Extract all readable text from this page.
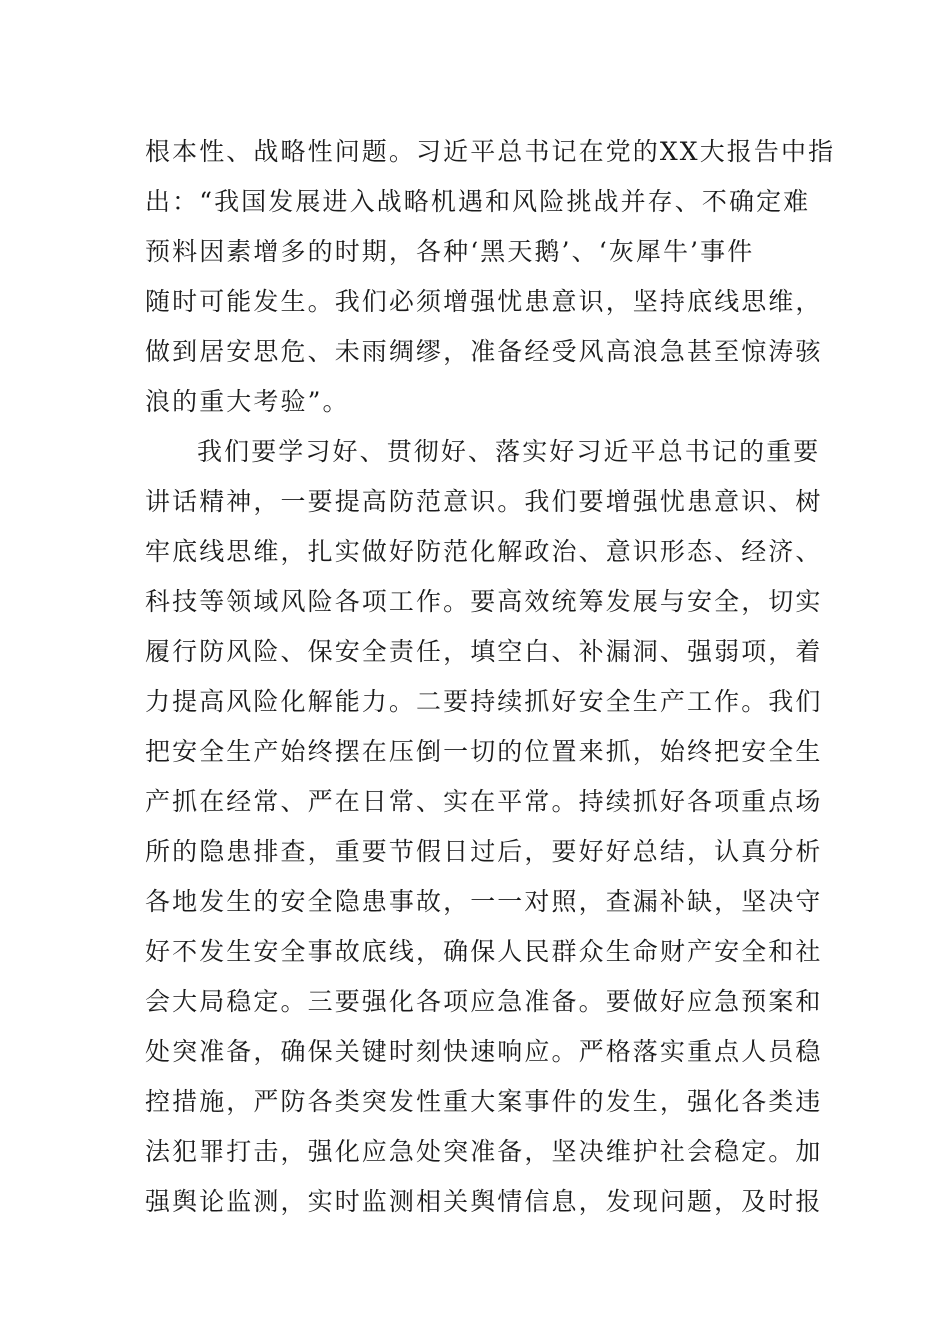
根本性、战略性问题。习近平总书记在党的XX大报告中指
出：“我国发展进入战略机遇和风险挑战并存、不确定难
预料因素增多的时期，各种‘黑天鹅’、‘灰犀牛’事件
随时可能发生。我们必须增强忧患意识，坚持底线思维，
做到居安思危、未雨绸缪，准备经受风高浪急甚至惊涛骇
浪的重大考验”。
我们要学习好、贯彻好、落实好习近平总书记的重要
讲话精神，一要提高防范意识。我们要增强忧患意识、树
牢底线思维，扎实做好防范化解政治、意识形态、经济、
科技等领域风险各项工作。要高效统筹发展与安全，切实
履行防风险、保安全责任，填空白、补漏洞、强弱项，着
力提高风险化解能力。二要持续抓好安全生产工作。我们
把安全生产始终摆在压倒一切的位置来抓，始终把安全生
产抓在经常、严在日常、实在平常。持续抓好各项重点场
所的隐患排查，重要节假日过后，要好好总结，认真分析
各地发生的安全隐患事故，一一对照，查漏补缺，坚决守
好不发生安全事故底线，确保人民群众生命财产安全和社
会大局稳定。三要强化各项应急准备。要做好应急预案和
处突准备，确保关键时刻快速响应。严格落实重点人员稳
控措施，严防各类突发性重大案事件的发生，强化各类违
法犯罪打击，强化应急处突准备，坚决维护社会稳定。加
强舆论监测，实时监测相关舆情信息，发现问题，及时报
